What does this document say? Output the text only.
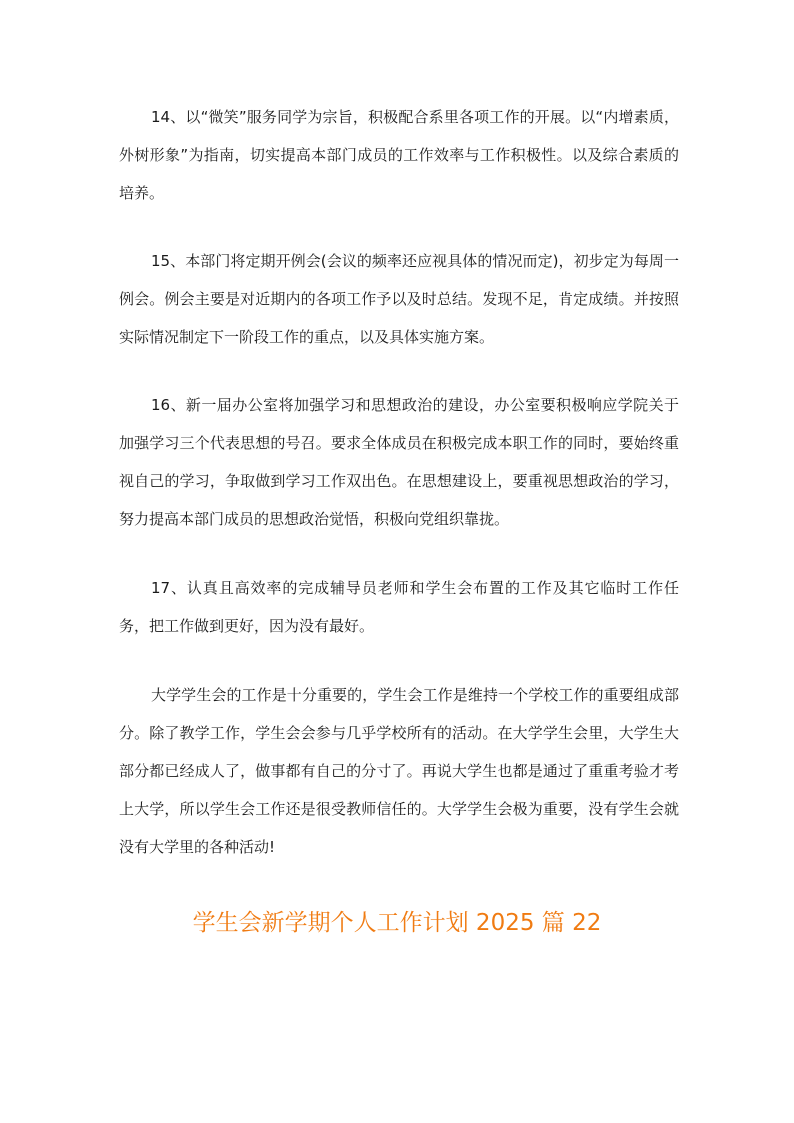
14、以“微笑”服务同学为宗旨，积极配合系里各项工作的开展。以“内增素质，外树形象”为指南，切实提高本部门成员的工作效率与工作积极性。以及综合素质的培养。

15、本部门将定期开例会(会议的频率还应视具体的情况而定)，初步定为每周一例会。例会主要是对近期内的各项工作予以及时总结。发现不足，肯定成绩。并按照实际情况制定下一阶段工作的重点，以及具体实施方案。

16、新一届办公室将加强学习和思想政治的建设，办公室要积极响应学院关于加强学习三个代表思想的号召。要求全体成员在积极完成本职工作的同时，要始终重视自己的学习，争取做到学习工作双出色。在思想建设上，要重视思想政治的学习，努力提高本部门成员的思想政治觉悟，积极向党组织靠拢。

17、认真且高效率的完成辅导员老师和学生会布置的工作及其它临时工作任务，把工作做到更好，因为没有最好。

大学学生会的工作是十分重要的，学生会工作是维持一个学校工作的重要组成部分。除了教学工作，学生会会参与几乎学校所有的活动。在大学学生会里，大学生大部分都已经成人了，做事都有自己的分寸了。再说大学生也都是通过了重重考验才考上大学，所以学生会工作还是很受教师信任的。大学学生会极为重要，没有学生会就没有大学里的各种活动!

学生会新学期个人工作计划 2025 篇 22
